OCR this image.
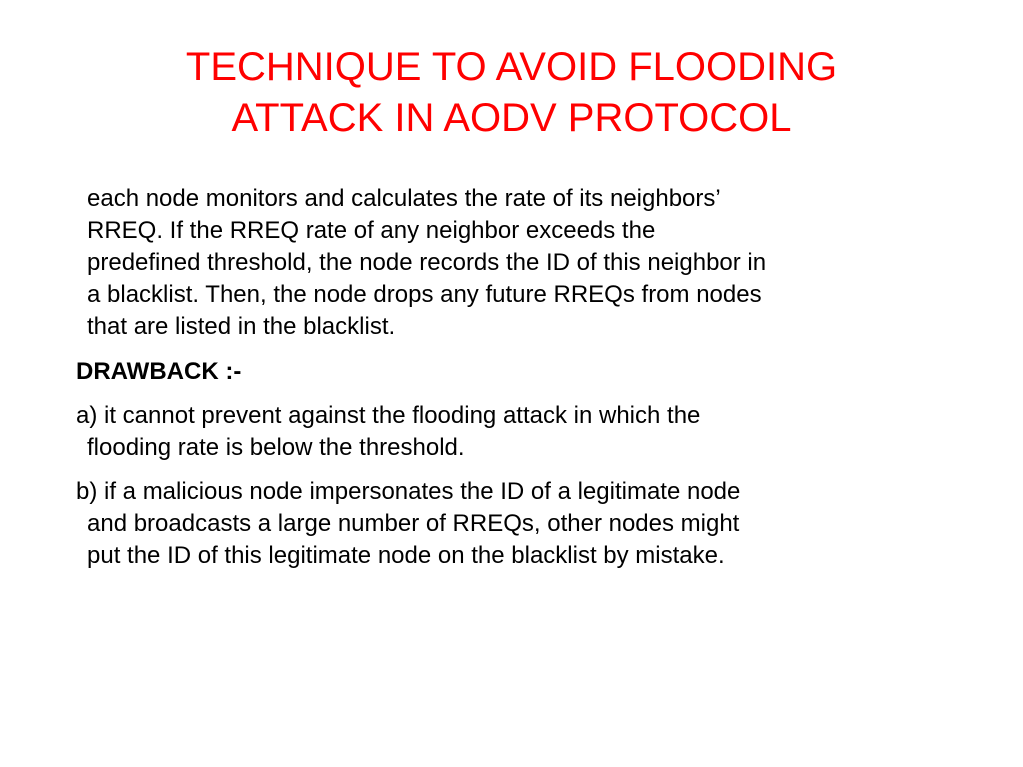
TECHNIQUE TO AVOID FLOODING
ATTACK IN AODV PROTOCOL

each node monitors and calculates the rate of its neighbors’
RREQ. If the RREQ rate of any neighbor exceeds the
predefined threshold, the node records the ID of this neighbor in
a blacklist. Then, the node drops any future RREQs from nodes
that are listed in the blacklist.

DRAWBACK :-

a) it cannot prevent against the flooding attack in which the
flooding rate is below the threshold.

b) if a malicious node impersonates the ID of a legitimate node
and broadcasts a large number of RREQs, other nodes might
put the ID of this legitimate node on the blacklist by mistake.
